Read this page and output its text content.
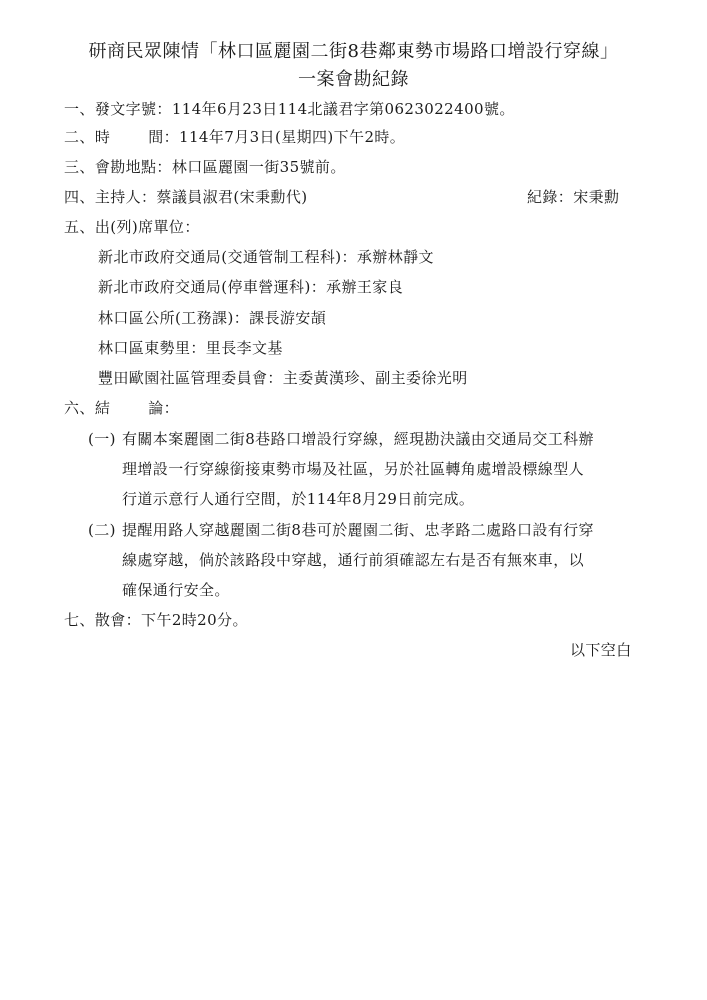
研商民眾陳情「林口區麗園二街8巷鄰東勢市場路口增設行穿線」
一案會勘紀錄
一、發文字號：114年6月23日114北議君字第0623022400號。
二、時	間：114年7月3日(星期四)下午2時。
三、會勘地點：林口區麗園一街35號前。
四、主持人：蔡議員淑君(宋秉勳代)	紀錄：宋秉勳
五、出(列)席單位：
新北市政府交通局(交通管制工程科)：承辦林靜文
新北市政府交通局(停車營運科)：承辦王家良
林口區公所(工務課)：課長游安頡
林口區東勢里：里長李文基
豐田歐園社區管理委員會：主委黃漢珍、副主委徐光明
六、結	論：
(一) 有關本案麗園二街8巷路口增設行穿線，經現勘決議由交通局交工科辦
理增設一行穿線銜接東勢市場及社區，另於社區轉角處增設標線型人
行道示意行人通行空間，於114年8月29日前完成。
(二) 提醒用路人穿越麗園二街8巷可於麗園二街、忠孝路二處路口設有行穿
線處穿越，倘於該路段中穿越，通行前須確認左右是否有無來車，以
確保通行安全。
七、散會：下午2時20分。
以下空白
